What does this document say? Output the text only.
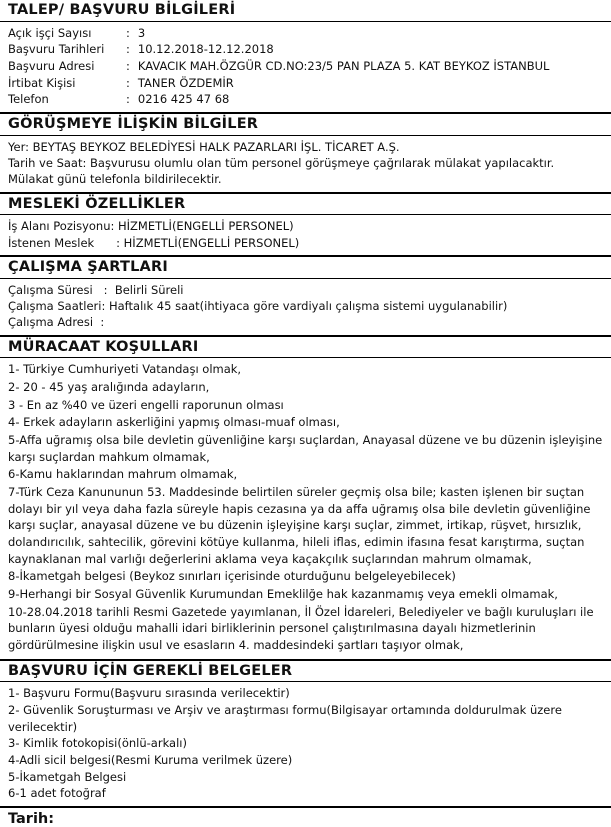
TALEP/ BAŞVURU BİLGİLERİ
Açık işçi Sayısı	: 3
Başvuru Tarihleri : 10.12.2018-12.12.2018
Başvuru Adresi	: KAVACIK MAH.ÖZGÜR CD.NO:23/5 PAN PLAZA 5. KAT BEYKOZ İSTANBUL
İrtibat Kişisi	: TANER ÖZDEMİR
Telefon	: 0216 425 47 68
GÖRÜŞMEYE İLİŞKİN BİLGİLER
Yer: BEYTAŞ BEYKOZ BELEDİYESİ HALK PAZARLARI İŞL. TİCARET A.Ş.
Tarih ve Saat: Başvurusu olumlu olan tüm personel görüşmeye çağrılarak mülakat yapılacaktır.
Mülakat günü telefonla bildirilecektir.
MESLEKİ ÖZELLİKLER
İş Alanı Pozisyonu: HİZMETLİ(ENGELLİ PERSONEL)
İstenen Meslek      : HİZMETLİ(ENGELLİ PERSONEL)
ÇALIŞMA ŞARTLARI
Çalışma Süresi   :  Belirli Süreli
Çalışma Saatleri: Haftalık 45 saat(ihtiyaca göre vardiyalı çalışma sistemi uygulanabilir)
Çalışma Adresi  :
MÜRACAAT KOŞULLARI
1- Türkiye Cumhuriyeti Vatandaşı olmak,
2- 20 - 45 yaş aralığında adayların,
3 - En az %40 ve üzeri engelli raporunun olması
4- Erkek adayların askerliğini yapmış olması-muaf olması,
5-Affa uğramış olsa bile devletin güvenliğine karşı suçlardan, Anayasal düzene ve bu düzenin işleyişine karşı suçlardan mahkum olmamak,
6-Kamu haklarından mahrum olmamak,
7-Türk Ceza Kanununun 53. Maddesinde belirtilen süreler geçmiş olsa bile; kasten işlenen bir suçtan dolayı bir yıl veya daha fazla süreyle hapis cezasına ya da affa uğramış olsa bile devletin güvenliğine karşı suçlar, anayasal düzene ve bu düzenin işleyişine karşı suçlar, zimmet, irtikap, rüşvet, hırsızlık, dolandırıcılık, sahtecilik, görevini kötüye kullanma, hileli iflas, edimin ifasına fesat karıştırma, suçtan kaynaklanan mal varlığı değerlerini aklama veya kaçakçılık suçlarından mahrum olmamak,
8-İkametgah belgesi (Beykoz sınırları içerisinde oturduğunu belgeleyebilecek)
9-Herhangi bir Sosyal Güvenlik Kurumundan Emeklilğe hak kazanmamış veya emekli olmamak,
10-28.04.2018 tarihli Resmi Gazetede yayımlanan, İl Özel İdareleri, Belediyeler ve bağlı kuruluşları ile bunların üyesi olduğu mahalli idari birliklerinin personel çalıştırılmasına dayalı hizmetlerinin gördürülmesine ilişkin usul ve esasların 4. maddesindeki şartları taşıyor olmak,
BAŞVURU İÇİN GEREKLİ BELGELER
1- Başvuru Formu(Başvuru sırasında verilecektir)
2- Güvenlik Soruşturması ve Arşiv ve araştırması formu(Bilgisayar ortamında doldurulmak üzere verilecektir)
3- Kimlik fotokopisi(önlü-arkalı)
4-Adli sicil belgesi(Resmi Kuruma verilmek üzere)
5-İkametgah Belgesi
6-1 adet fotoğraf
Tarih:
